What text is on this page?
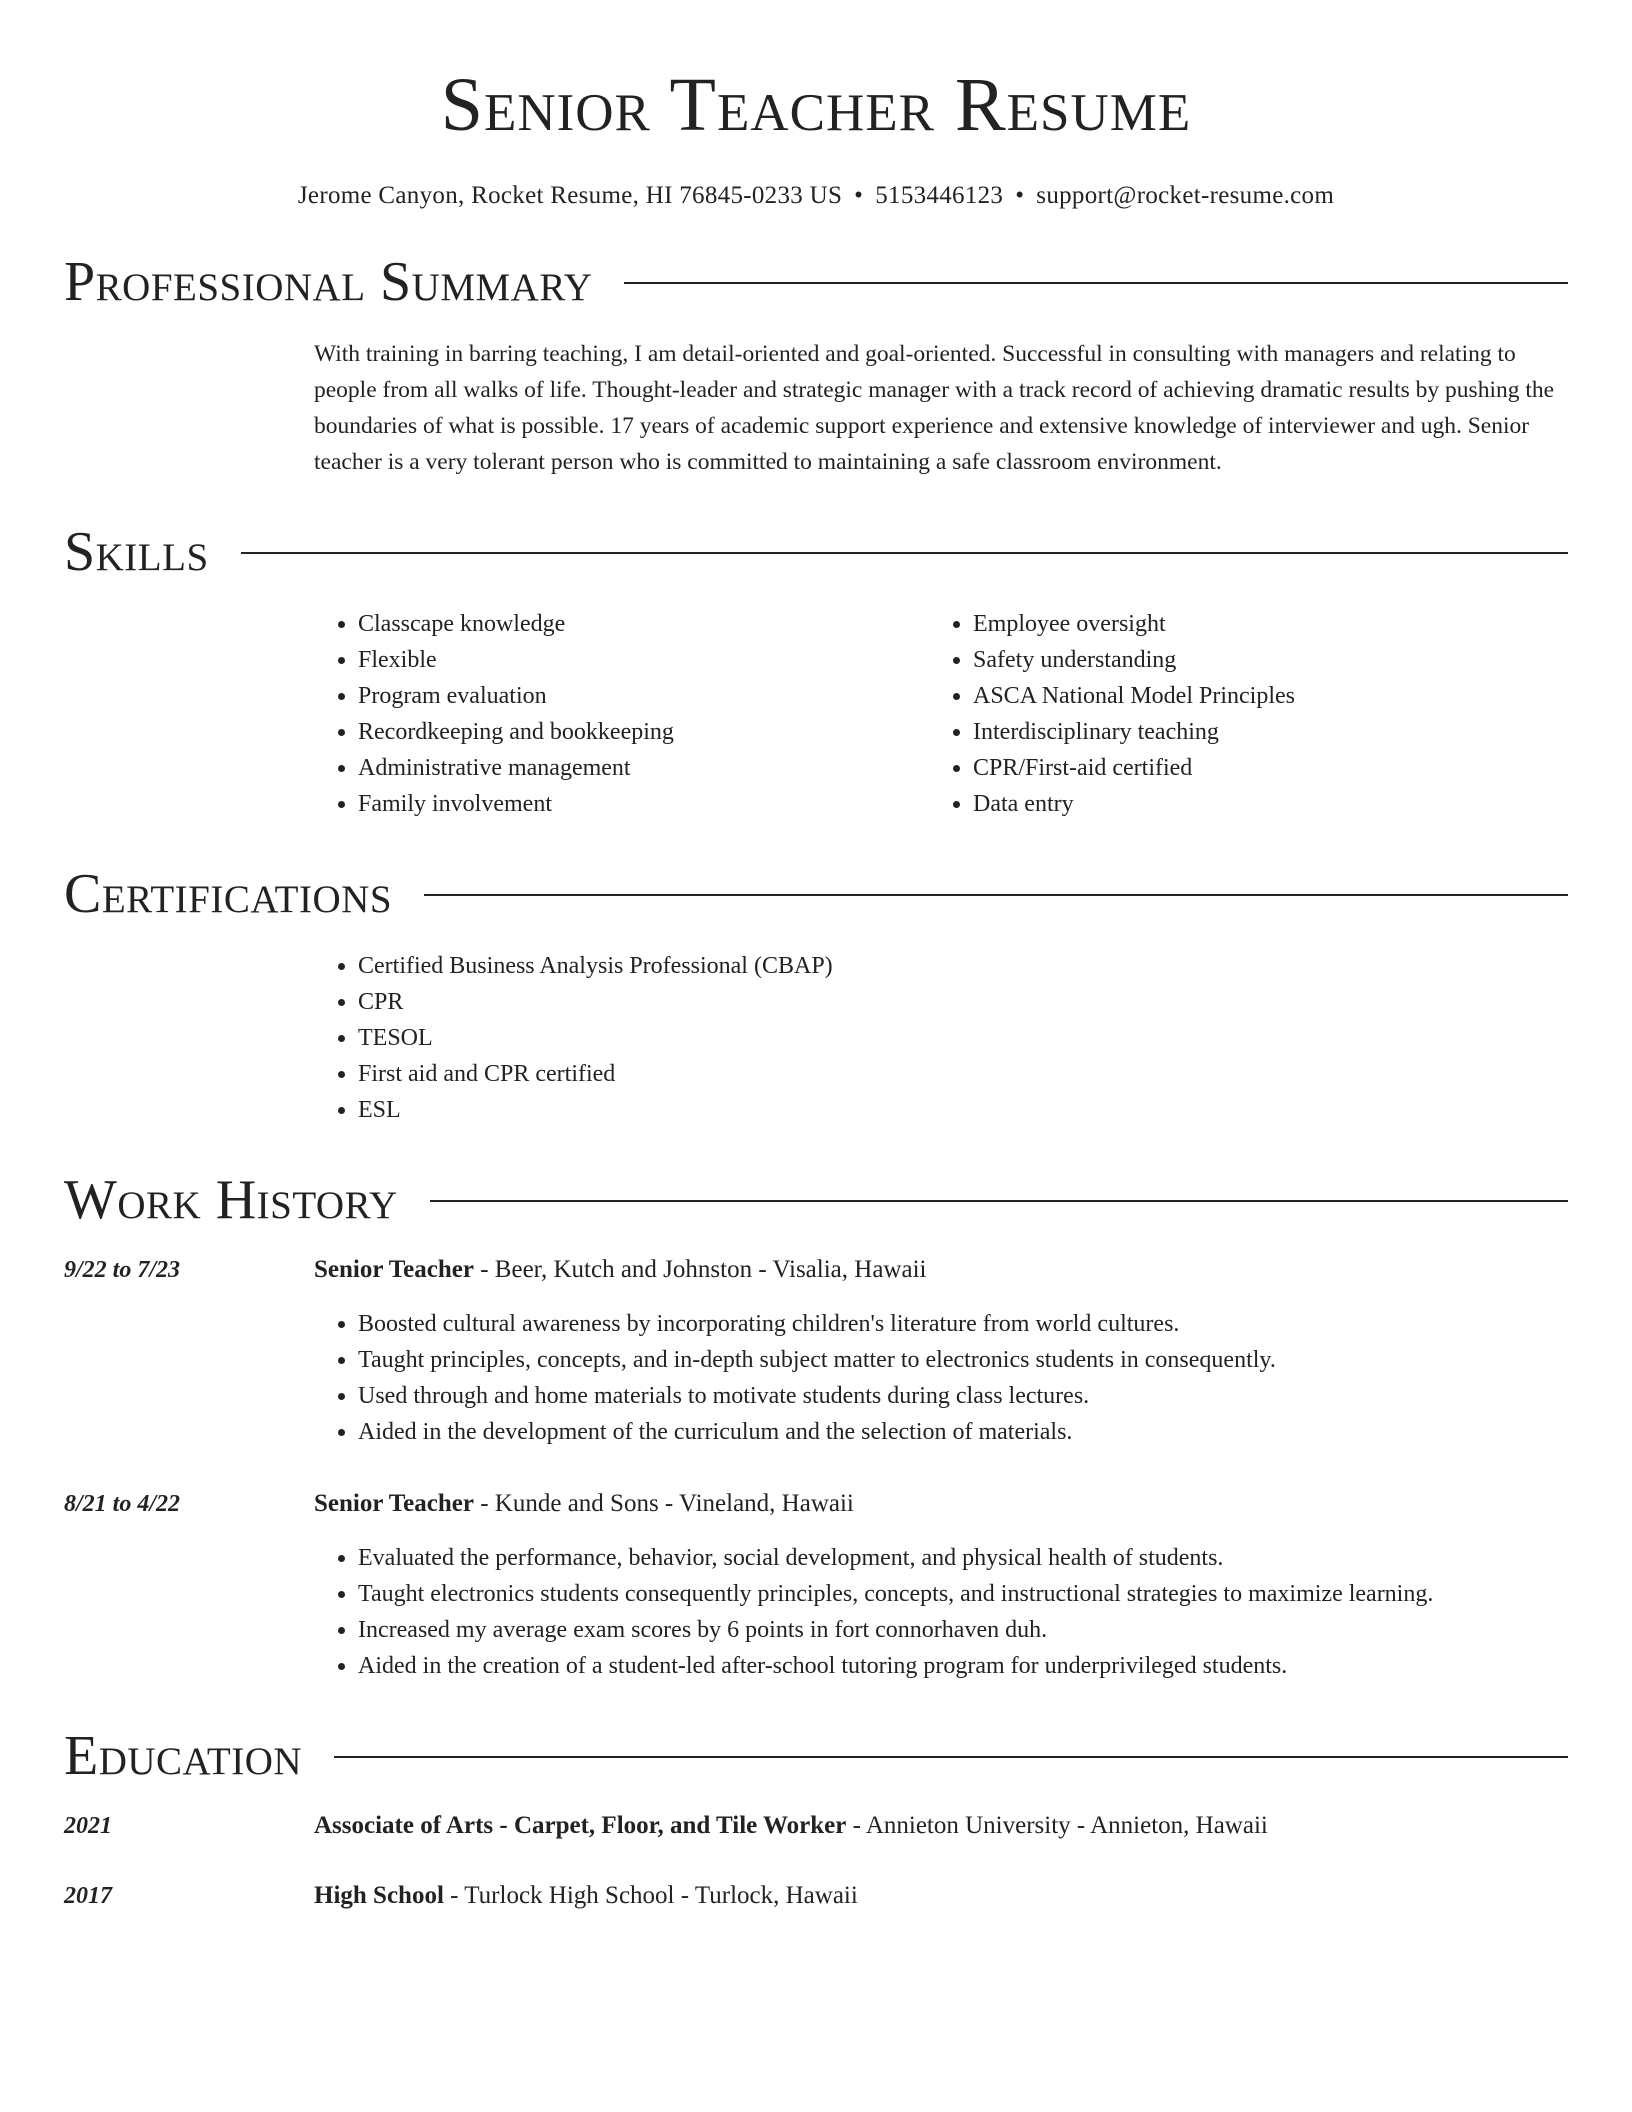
Senior Teacher Resume
Jerome Canyon, Rocket Resume, HI 76845-0233 US • 5153446123 • support@rocket-resume.com
Professional Summary
With training in barring teaching, I am detail-oriented and goal-oriented. Successful in consulting with managers and relating to people from all walks of life. Thought-leader and strategic manager with a track record of achieving dramatic results by pushing the boundaries of what is possible. 17 years of academic support experience and extensive knowledge of interviewer and ugh. Senior teacher is a very tolerant person who is committed to maintaining a safe classroom environment.
Skills
• Classcape knowledge
• Flexible
• Program evaluation
• Recordkeeping and bookkeeping
• Administrative management
• Family involvement
• Employee oversight
• Safety understanding
• ASCA National Model Principles
• Interdisciplinary teaching
• CPR/First-aid certified
• Data entry
Certifications
• Certified Business Analysis Professional (CBAP)
• CPR
• TESOL
• First aid and CPR certified
• ESL
Work History
9/22 to 7/23	Senior Teacher - Beer, Kutch and Johnston - Visalia, Hawaii
• Boosted cultural awareness by incorporating children's literature from world cultures.
• Taught principles, concepts, and in-depth subject matter to electronics students in consequently.
• Used through and home materials to motivate students during class lectures.
• Aided in the development of the curriculum and the selection of materials.
8/21 to 4/22	Senior Teacher - Kunde and Sons - Vineland, Hawaii
• Evaluated the performance, behavior, social development, and physical health of students.
• Taught electronics students consequently principles, concepts, and instructional strategies to maximize learning.
• Increased my average exam scores by 6 points in fort connorhaven duh.
• Aided in the creation of a student-led after-school tutoring program for underprivileged students.
Education
2021	Associate of Arts - Carpet, Floor, and Tile Worker - Annieton University - Annieton, Hawaii
2017	High School - Turlock High School - Turlock, Hawaii
